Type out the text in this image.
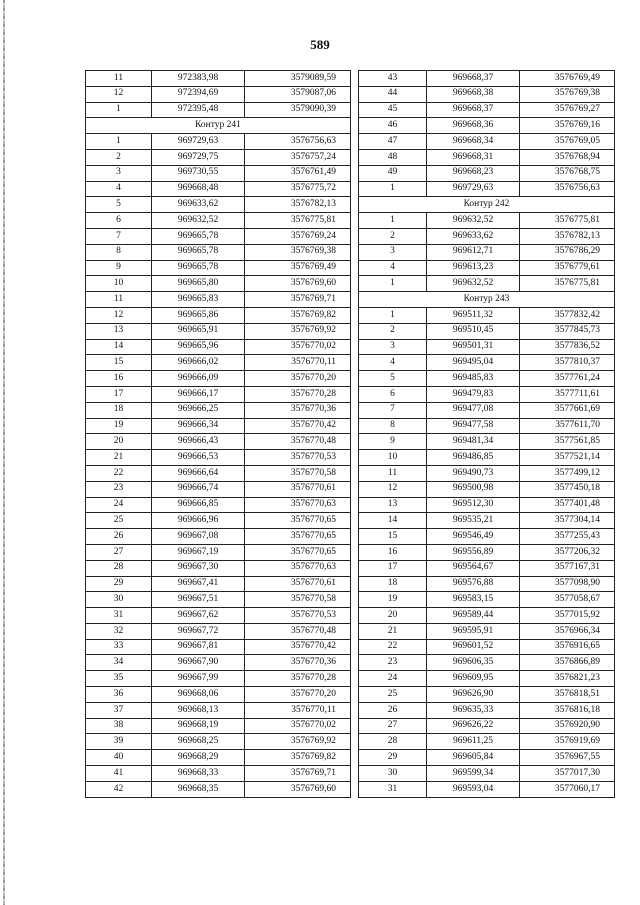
589
11	972383,98	3579089,59
12	972394,69	3579087,06
1	972395,48	3579090,39
Контур 241		
1	969729,63	3576756,63
2	969729,75	3576757,24
3	969730,55	3576761,49
4	969668,48	3576775,72
5	969633,62	3576782,13
6	969632,52	3576775,81
7	969665,78	3576769,24
8	969665,78	3576769,38
9	969665,78	3576769,49
10	969665,80	3576769,60
11	969665,83	3576769,71
12	969665,86	3576769,82
13	969665,91	3576769,92
14	969665,96	3576770,02
15	969666,02	3576770,11
16	969666,09	3576770,20
17	969666,17	3576770,28
18	969666,25	3576770,36
19	969666,34	3576770,42
20	969666,43	3576770,48
21	969666,53	3576770,53
22	969666,64	3576770,58
23	969666,74	3576770,61
24	969666,85	3576770,63
25	969666,96	3576770,65
26	969667,08	3576770,65
27	969667,19	3576770,65
28	969667,30	3576770,63
29	969667,41	3576770,61
30	969667,51	3576770,58
31	969667,62	3576770,53
32	969667,72	3576770,48
33	969667,81	3576770,42
34	969667,90	3576770,36
35	969667,99	3576770,28
36	969668,06	3576770,20
37	969668,13	3576770,11
38	969668,19	3576770,02
39	969668,25	3576769,92
40	969668,29	3576769,82
41	969668,33	3576769,71
42	969668,35	3576769,60
43	969668,37	3576769,49
44	969668,38	3576769,38
45	969668,37	3576769,27
46	969668,36	3576769,16
47	969668,34	3576769,05
48	969668,31	3576768,94
49	969668,23	3576768,75
1	969729,63	3576756,63
Контур 242		
1	969632,52	3576775,81
2	969633,62	3576782,13
3	969612,71	3576786,29
4	969613,23	3576779,61
1	969632,52	3576775,81
Контур 243		
1	969511,32	3577832,42
2	969510,45	3577845,73
3	969501,31	3577836,52
4	969495,04	3577810,37
5	969485,83	3577761,24
6	969479,83	3577711,61
7	969477,08	3577661,69
8	969477,58	3577611,70
9	969481,34	3577561,85
10	969486,85	3577521,14
11	969490,73	3577499,12
12	969500,98	3577450,18
13	969512,30	3577401,48
14	969535,21	3577304,14
15	969546,49	3577255,43
16	969556,89	3577206,32
17	969564,67	3577167,31
18	969576,88	3577098,90
19	969583,15	3577058,67
20	969589,44	3577015,92
21	969595,91	3576966,34
22	969601,52	3576916,65
23	969606,35	3576866,89
24	969609,95	3576821,23
25	969626,90	3576818,51
26	969635,33	3576816,18
27	969626,22	3576920,90
28	969611,25	3576919,69
29	969605,84	3576967,55
30	969599,34	3577017,30
31	969593,04	3577060,17
